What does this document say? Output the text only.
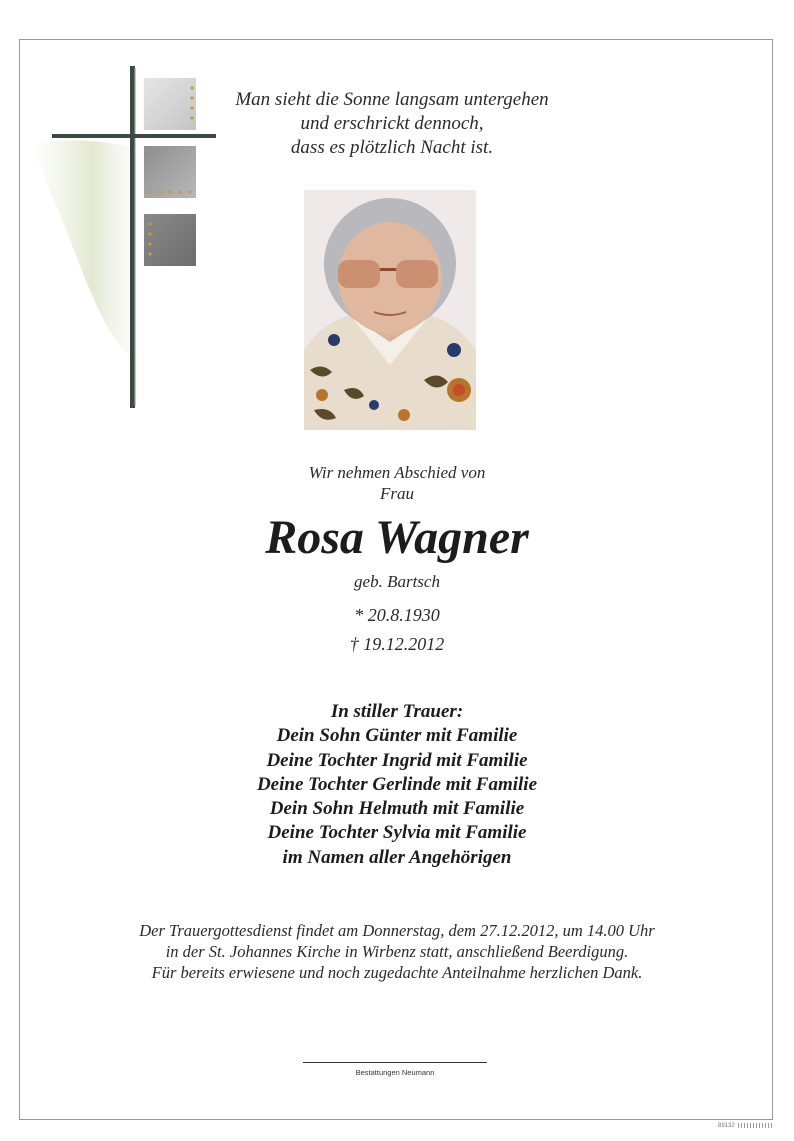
Man sieht die Sonne langsam untergehen
und erschrickt dennoch,
dass es plötzlich Nacht ist.
Wir nehmen Abschied von
Frau
Rosa Wagner
geb. Bartsch
* 20.8.1930
† 19.12.2012
In stiller Trauer:
Dein Sohn Günter mit Familie
Deine Tochter Ingrid mit Familie
Deine Tochter Gerlinde mit Familie
Dein Sohn Helmuth mit Familie
Deine Tochter Sylvia mit Familie
im Namen aller Angehörigen
Der Trauergottesdienst findet am Donnerstag, dem 27.12.2012, um 14.00 Uhr
in der St. Johannes Kirche in Wirbenz statt, anschließend Beerdigung.
Für bereits erwiesene und noch zugedachte Anteilnahme herzlichen Dank.
Bestattungen Neumann
89132
